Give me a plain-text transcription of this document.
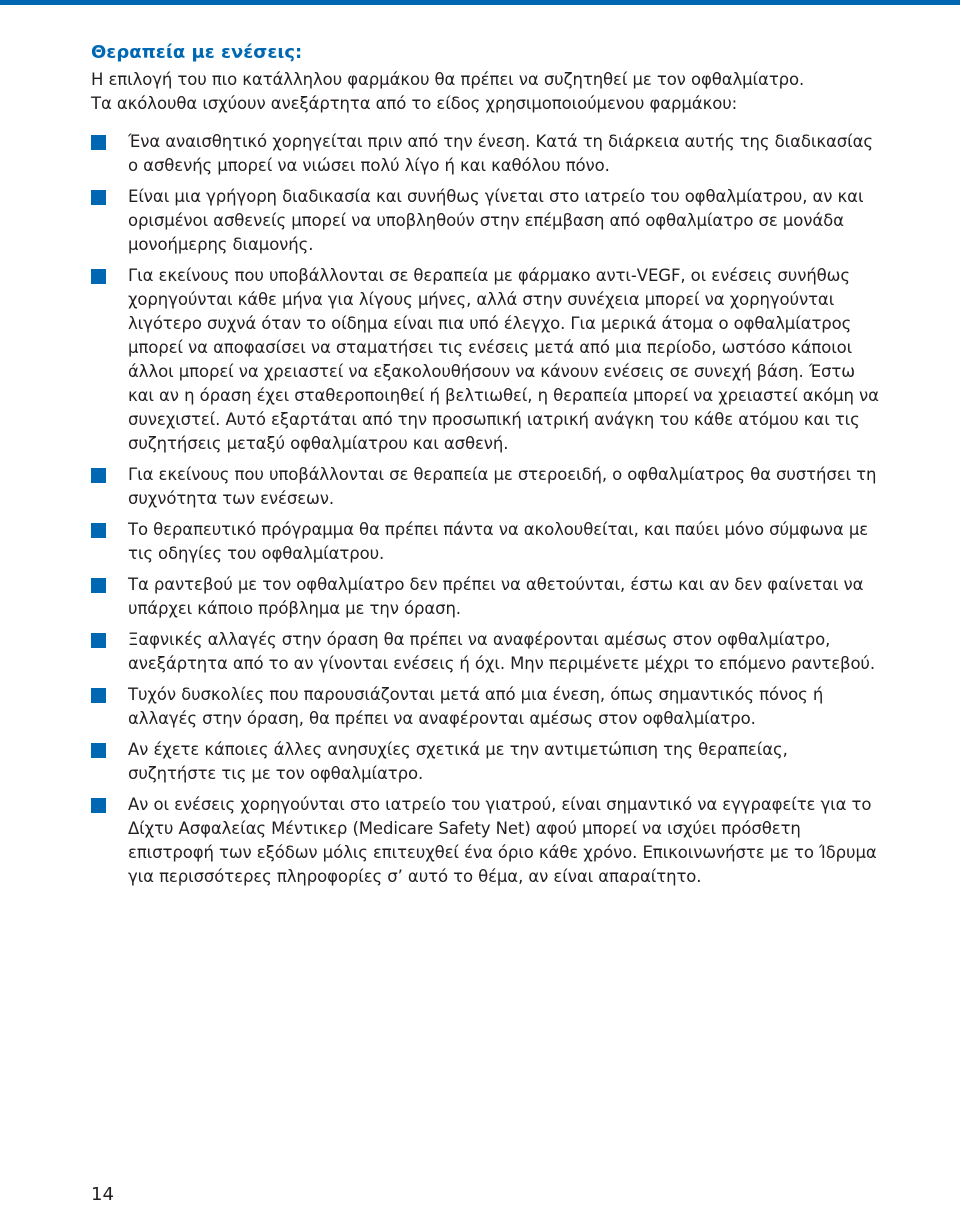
Θεραπεία με ενέσεις:

Η επιλογή του πιο κατάλληλου φαρμάκου θα πρέπει να συζητηθεί με τον οφθαλμίατρο.

Τα ακόλουθα ισχύουν ανεξάρτητα από το είδος χρησιμοποιούμενου φαρμάκου:

Ένα αναισθητικό χορηγείται πριν από την ένεση. Κατά τη διάρκεια αυτής της διαδικασίας ο ασθενής μπορεί να νιώσει πολύ λίγο ή και καθόλου πόνο.
Είναι μια γρήγορη διαδικασία και συνήθως γίνεται στο ιατρείο του οφθαλμίατρου, αν και ορισμένοι ασθενείς μπορεί να υποβληθούν στην επέμβαση από οφθαλμίατρο σε μονάδα μονοήμερης διαμονής.
Για εκείνους που υποβάλλονται σε θεραπεία με φάρμακο αντι-VEGF, οι ενέσεις συνήθως χορηγούνται κάθε μήνα για λίγους μήνες, αλλά στην συνέχεια μπορεί να χορηγούνται λιγότερο συχνά όταν το οίδημα είναι πια υπό έλεγχο. Για μερικά άτομα ο οφθαλμίατρος μπορεί να αποφασίσει να σταματήσει τις ενέσεις μετά από μια περίοδο, ωστόσο κάποιοι άλλοι μπορεί να χρειαστεί να εξακολουθήσουν να κάνουν ενέσεις σε συνεχή βάση. Έστω και αν η όραση έχει σταθεροποιηθεί ή βελτιωθεί, η θεραπεία μπορεί να χρειαστεί ακόμη να συνεχιστεί. Αυτό εξαρτάται από την προσωπική ιατρική ανάγκη του κάθε ατόμου και τις συζητήσεις μεταξύ οφθαλμίατρου και ασθενή.
Για εκείνους που υποβάλλονται σε θεραπεία με στεροειδή, ο οφθαλμίατρος θα συστήσει τη συχνότητα των ενέσεων.
Το θεραπευτικό πρόγραμμα θα πρέπει πάντα να ακολουθείται, και παύει μόνο σύμφωνα με τις οδηγίες του οφθαλμίατρου.
Τα ραντεβού με τον οφθαλμίατρο δεν πρέπει να αθετούνται, έστω και αν δεν φαίνεται να υπάρχει κάποιο πρόβλημα με την όραση.
Ξαφνικές αλλαγές στην όραση θα πρέπει να αναφέρονται αμέσως στον οφθαλμίατρο, ανεξάρτητα από το αν γίνονται ενέσεις ή όχι. Μην περιμένετε μέχρι το επόμενο ραντεβού.
Τυχόν δυσκολίες που παρουσιάζονται μετά από μια ένεση, όπως σημαντικός πόνος ή αλλαγές στην όραση, θα πρέπει να αναφέρονται αμέσως στον οφθαλμίατρο.
Αν έχετε κάποιες άλλες ανησυχίες σχετικά με την αντιμετώπιση της θεραπείας, συζητήστε τις με τον οφθαλμίατρο.
Αν οι ενέσεις χορηγούνται στο ιατρείο του γιατρού, είναι σημαντικό να εγγραφείτε για το Δίχτυ Ασφαλείας Μέντικερ (Medicare Safety Net) αφού μπορεί να ισχύει πρόσθετη επιστροφή των εξόδων μόλις επιτευχθεί ένα όριο κάθε χρόνο. Επικοινωνήστε με το Ίδρυμα για περισσότερες πληροφορίες σ’ αυτό το θέμα, αν είναι απαραίτητο.
14
